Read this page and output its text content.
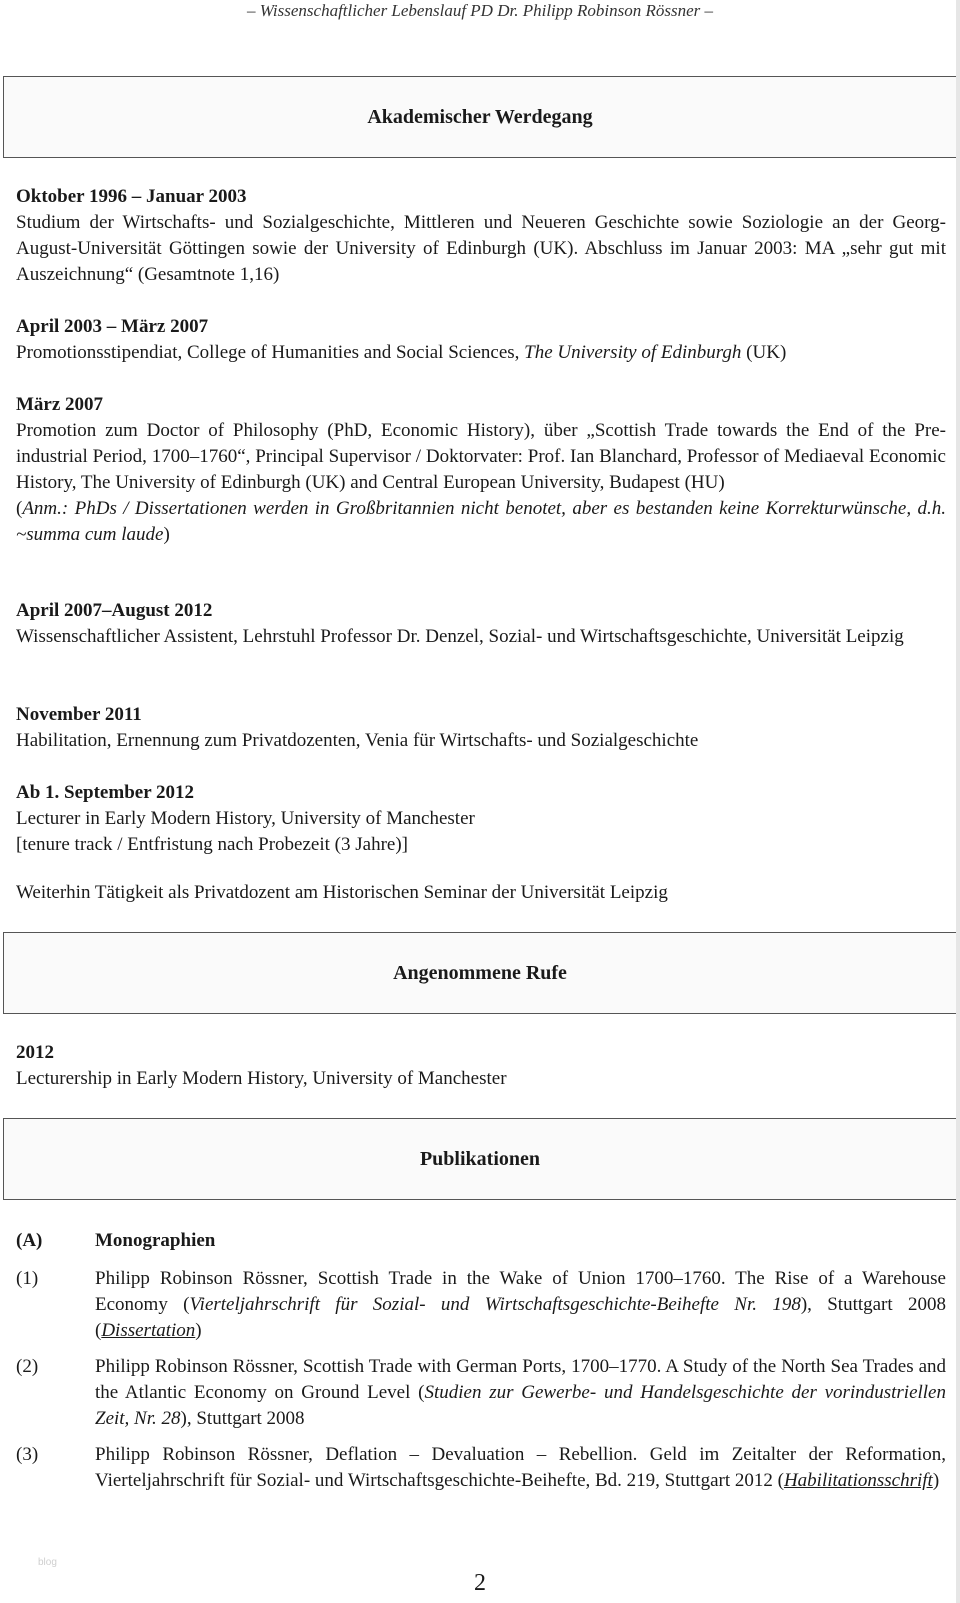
– Wissenschaftlicher Lebenslauf PD Dr. Philipp Robinson Rössner –
Akademischer Werdegang
Oktober 1996 – Januar 2003
Studium der Wirtschafts- und Sozialgeschichte, Mittleren und Neueren Geschichte sowie Soziologie an der Georg-August-Universität Göttingen sowie der University of Edinburgh (UK). Abschluss im Januar 2003: MA „sehr gut mit Auszeichnung“ (Gesamtnote 1,16)
April 2003 – März 2007
Promotionsstipendiat, College of Humanities and Social Sciences, The University of Edinburgh (UK)
März 2007
Promotion zum Doctor of Philosophy (PhD, Economic History), über „Scottish Trade towards the End of the Pre-industrial Period, 1700–1760“, Principal Supervisor / Doktorvater: Prof. Ian Blanchard, Professor of Mediaeval Economic History, The University of Edinburgh (UK) and Central European University, Budapest (HU)
(Anm.: PhDs / Dissertationen werden in Großbritannien nicht benotet, aber es bestanden keine Korrekturwünsche, d.h. ~summa cum laude)
April 2007–August 2012
Wissenschaftlicher Assistent, Lehrstuhl Professor Dr. Denzel, Sozial- und Wirtschaftsgeschichte, Universität Leipzig
November 2011
Habilitation, Ernennung zum Privatdozenten, Venia für Wirtschafts- und Sozialgeschichte
Ab 1. September 2012
Lecturer in Early Modern History, University of Manchester
[tenure track / Entfristung nach Probezeit (3 Jahre)]
Weiterhin Tätigkeit als Privatdozent am Historischen Seminar der Universität Leipzig
Angenommene Rufe
2012
Lecturership in Early Modern History, University of Manchester
Publikationen
(A)	Monographien
(1)	Philipp Robinson Rössner, Scottish Trade in the Wake of Union 1700–1760. The Rise of a Warehouse Economy (Vierteljahrschrift für Sozial- und Wirtschaftsgeschichte-Beihefte Nr. 198), Stuttgart 2008 (Dissertation)
(2)	Philipp Robinson Rössner, Scottish Trade with German Ports, 1700–1770. A Study of the North Sea Trades and the Atlantic Economy on Ground Level (Studien zur Gewerbe- und Handelsgeschichte der vorindustriellen Zeit, Nr. 28), Stuttgart 2008
(3)	Philipp Robinson Rössner, Deflation – Devaluation – Rebellion. Geld im Zeitalter der Reformation, Vierteljahrschrift für Sozial- und Wirtschaftsgeschichte-Beihefte, Bd. 219, Stuttgart 2012 (Habilitationsschrift)
blog
2
